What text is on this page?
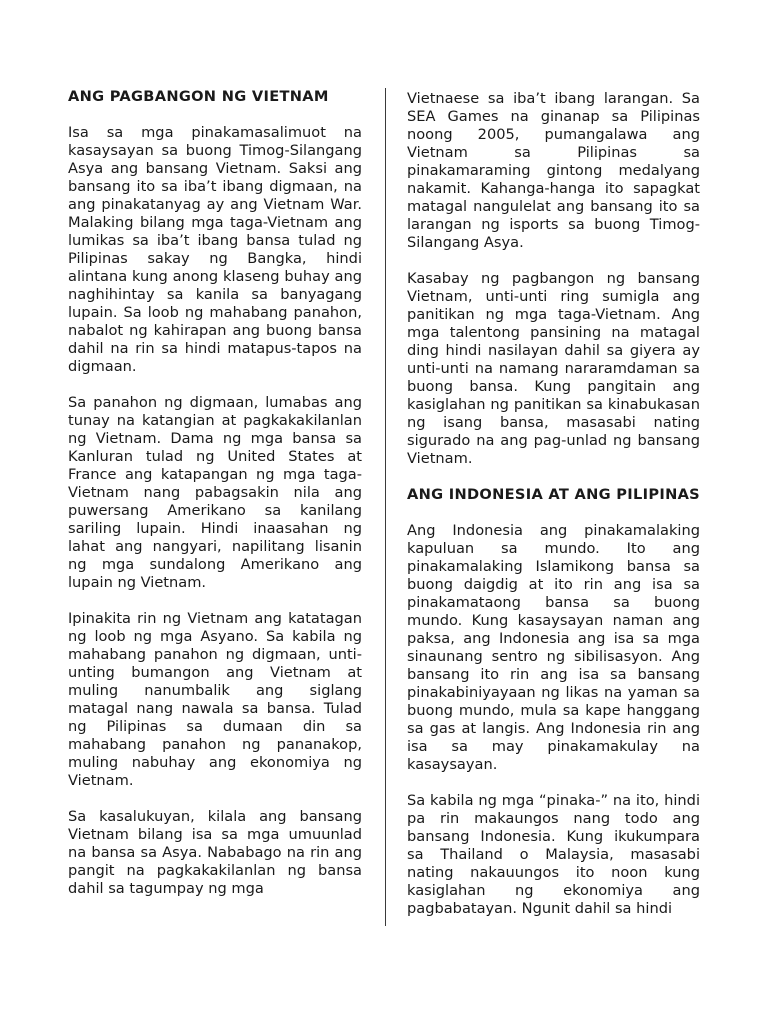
ANG PAGBANGON NG VIETNAM

Isa sa mga pinakamasalimuot na kasaysayan sa buong Timog-Silangang Asya ang bansang Vietnam. Saksi ang bansang ito sa iba’t ibang digmaan, na ang pinakatanyag ay ang Vietnam War. Malaking bilang mga taga-Vietnam ang lumikas sa iba’t ibang bansa tulad ng Pilipinas sakay ng Bangka, hindi alintana kung anong klaseng buhay ang naghihintay sa kanila sa banyagang lupain. Sa loob ng mahabang panahon, nabalot ng kahirapan ang buong bansa dahil na rin sa hindi matapus-tapos na digmaan.

Sa panahon ng digmaan, lumabas ang tunay na katangian at pagkakakilanlan ng Vietnam. Dama ng mga bansa sa Kanluran tulad ng United States at France ang katapangan ng mga taga-Vietnam nang pabagsakin nila ang puwersang Amerikano sa kanilang sariling lupain. Hindi inaasahan ng lahat ang nangyari, napilitang lisanin ng mga sundalong Amerikano ang lupain ng Vietnam.

Ipinakita rin ng Vietnam ang katatagan ng loob ng mga Asyano. Sa kabila ng mahabang panahon ng digmaan, unti-unting bumangon ang Vietnam at muling nanumbalik ang siglang matagal nang nawala sa bansa. Tulad ng Pilipinas sa dumaan din sa mahabang panahon ng pananakop, muling nabuhay ang ekonomiya ng Vietnam.

Sa kasalukuyan, kilala ang bansang Vietnam bilang isa sa mga umuunlad na bansa sa Asya. Nababago na rin ang pangit na pagkakakilanlan ng bansa dahil sa tagumpay ng mga

Vietnaese sa iba’t ibang larangan. Sa SEA Games na ginanap sa Pilipinas noong 2005, pumangalawa ang Vietnam sa Pilipinas sa pinakamaraming gintong medalyang nakamit. Kahanga-hanga ito sapagkat matagal nangulelat ang bansang ito sa larangan ng isports sa buong Timog-Silangang Asya.

Kasabay ng pagbangon ng bansang Vietnam, unti-unti ring sumigla ang panitikan ng mga taga-Vietnam. Ang mga talentong pansining na matagal ding hindi nasilayan dahil sa giyera ay unti-unti na namang nararamdaman sa buong bansa. Kung pangitain ang kasiglahan ng panitikan sa kinabukasan ng isang bansa, masasabi nating sigurado na ang pag-unlad ng bansang Vietnam.

ANG INDONESIA AT ANG PILIPINAS

Ang Indonesia ang pinakamalaking kapuluan sa mundo. Ito ang pinakamalaking Islamikong bansa sa buong daigdig at ito rin ang isa sa pinakamataong bansa sa buong mundo. Kung kasaysayan naman ang paksa, ang Indonesia ang isa sa mga sinaunang sentro ng sibilisasyon. Ang bansang ito rin ang isa sa bansang pinakabiniyayaan ng likas na yaman sa buong mundo, mula sa kape hanggang sa gas at langis. Ang Indonesia rin ang isa sa may pinakamakulay na kasaysayan.

Sa kabila ng mga “pinaka-” na ito, hindi pa rin makaungos nang todo ang bansang Indonesia. Kung ikukumpara sa Thailand o Malaysia, masasabi nating nakauungos ito noon kung kasiglahan ng ekonomiya ang pagbabatayan. Ngunit dahil sa hindi
